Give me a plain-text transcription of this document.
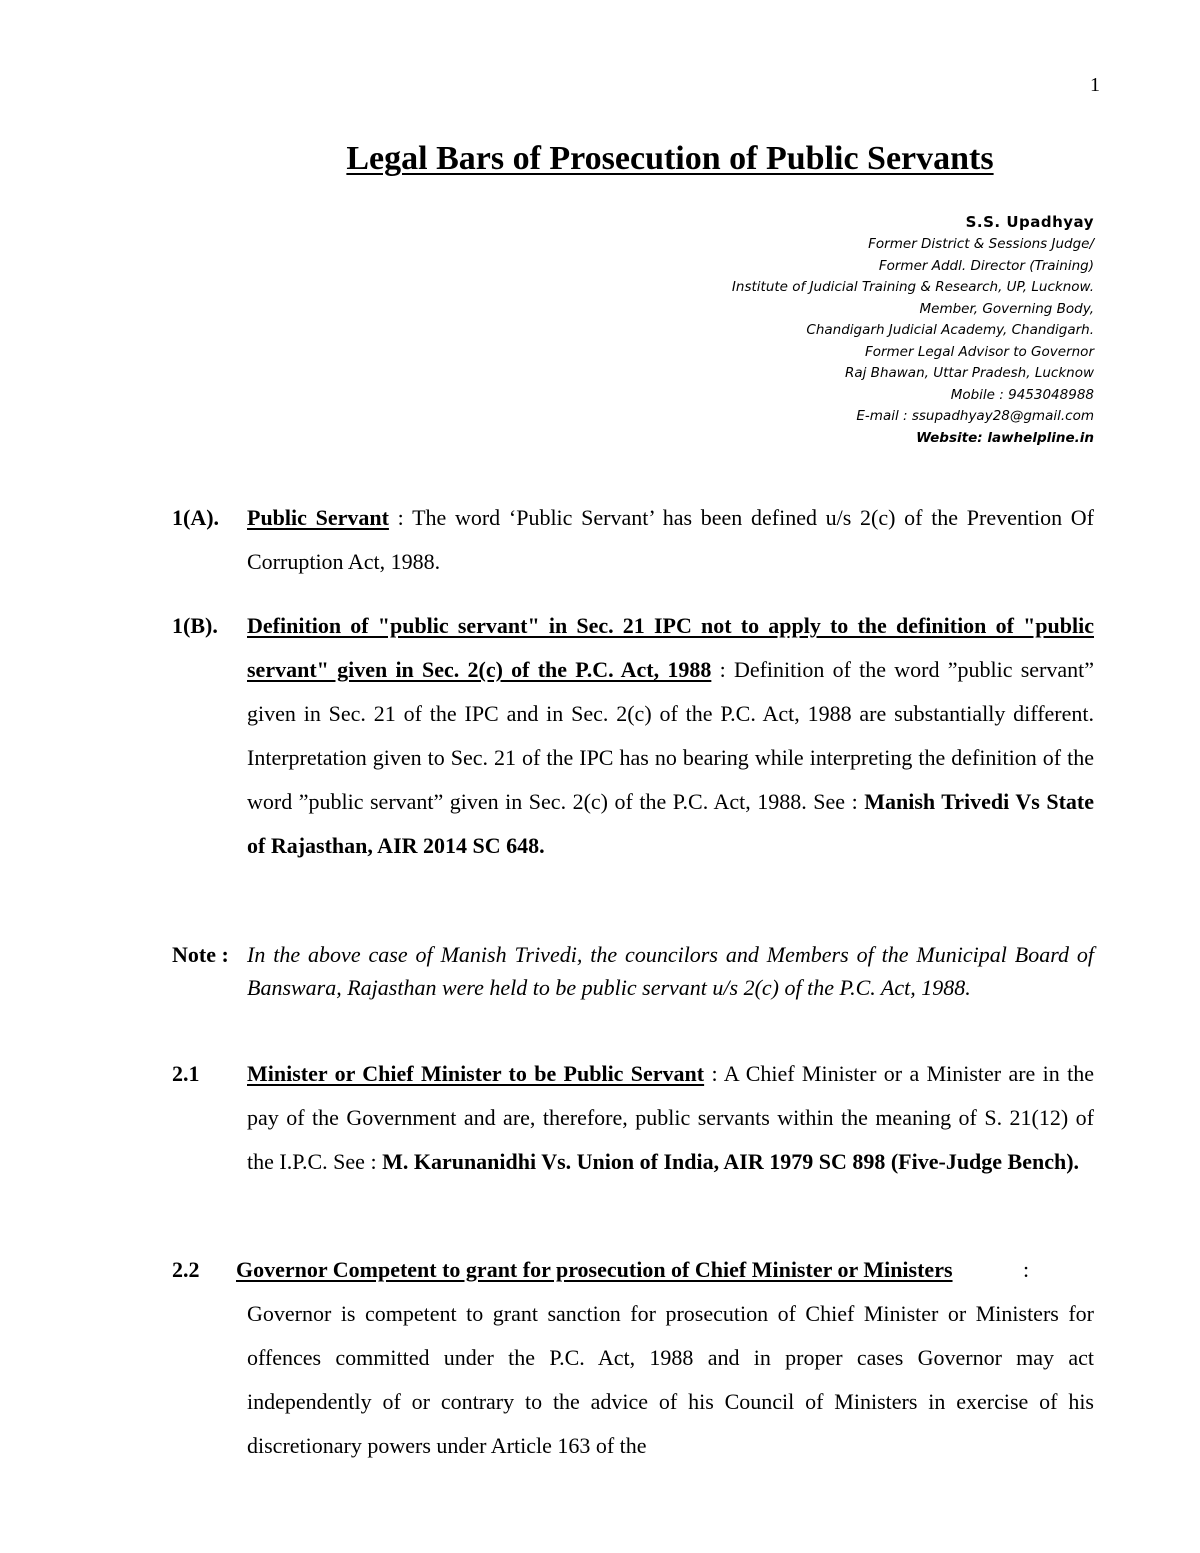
1
Legal Bars of Prosecution of Public Servants
S.S. Upadhyay
Former District & Sessions Judge/
Former Addl. Director (Training)
Institute of Judicial Training & Research, UP, Lucknow.
Member, Governing Body,
Chandigarh Judicial Academy, Chandigarh.
Former Legal Advisor to Governor
Raj Bhawan, Uttar Pradesh, Lucknow
Mobile : 9453048988
E-mail : ssupadhyay28@gmail.com
Website: lawhelpline.in
1(A). Public Servant : The word ‘Public Servant’ has been defined u/s 2(c) of the Prevention Of Corruption Act, 1988.
1(B). Definition of "public servant" in Sec. 21 IPC not to apply to the definition of "public servant" given in Sec. 2(c) of the P.C. Act, 1988 : Definition of the word ”public servant” given in Sec. 21 of the IPC and in Sec. 2(c) of the P.C. Act, 1988 are substantially different. Interpretation given to Sec. 21 of the IPC has no bearing while interpreting the definition of the word ”public servant” given in Sec. 2(c) of the P.C. Act, 1988. See : Manish Trivedi Vs State of Rajasthan, AIR 2014 SC 648.
Note : In the above case of Manish Trivedi, the councilors and Members of the Municipal Board of Banswara, Rajasthan were held to be public servant u/s 2(c) of the P.C. Act, 1988.
2.1 Minister or Chief Minister to be Public Servant : A Chief Minister or a Minister are in the pay of the Government and are, therefore, public servants within the meaning of S. 21(12) of the I.P.C. See : M. Karunanidhi Vs. Union of India, AIR 1979 SC 898 (Five-Judge Bench).
2.2 Governor Competent to grant for prosecution of Chief Minister or Ministers	:
Governor is competent to grant sanction for prosecution of Chief Minister or Ministers for offences committed under the P.C. Act, 1988 and in proper cases Governor may act independently of or contrary to the advice of his Council of Ministers in exercise of his discretionary powers under Article 163 of the
